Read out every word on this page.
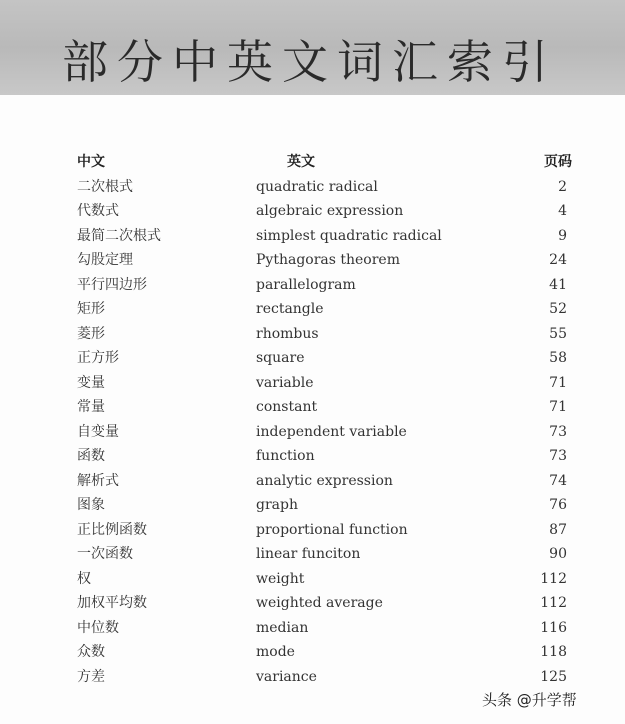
部分中英文词汇索引
中文	英文	页码
二次根式	quadratic radical	2
代数式	algebraic expression	4
最简二次根式	simplest quadratic radical	9
勾股定理	Pythagoras theorem	24
平行四边形	parallelogram	41
矩形	rectangle	52
菱形	rhombus	55
正方形	square	58
变量	variable	71
常量	constant	71
自变量	independent variable	73
函数	function	73
解析式	analytic expression	74
图象	graph	76
正比例函数	proportional function	87
一次函数	linear funciton	90
权	weight	112
加权平均数	weighted average	112
中位数	median	116
众数	mode	118
方差	variance	125
头条 @升学帮
